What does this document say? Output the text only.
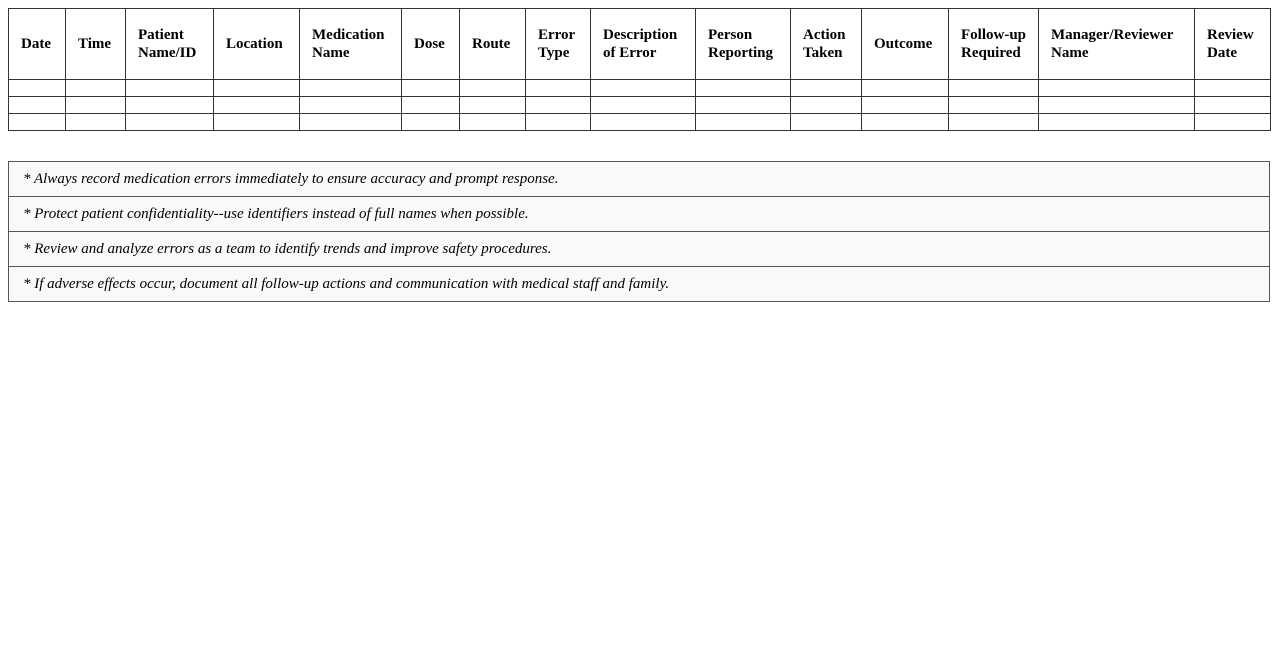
Date	Time	Patient Name/ID	Location	Medication Name	Dose	Route	Error Type	Description of Error	Person Reporting	Action Taken	Outcome	Follow-up Required	Manager/Reviewer Name	Review Date

* Always record medication errors immediately to ensure accuracy and prompt response.
* Protect patient confidentiality--use identifiers instead of full names when possible.
* Review and analyze errors as a team to identify trends and improve safety procedures.
* If adverse effects occur, document all follow-up actions and communication with medical staff and family.
